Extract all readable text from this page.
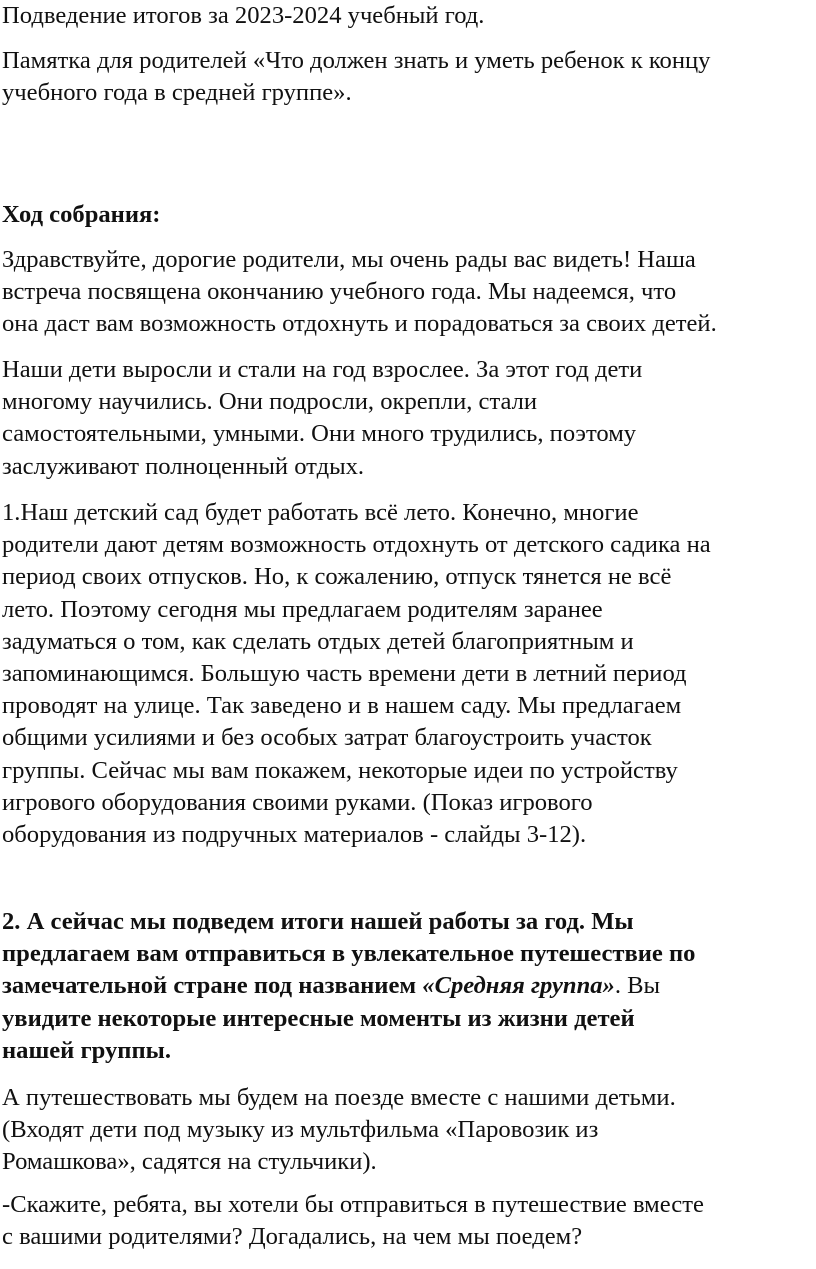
Подведение итогов за 2023-2024 учебный год.

Памятка для родителей «Что должен знать и уметь ребенок к концу
учебного года в средней группе».

Ход собрания:

Здравствуйте, дорогие родители, мы очень рады вас видеть! Наша
встреча посвящена окончанию учебного года. Мы надеемся, что
она даст вам возможность отдохнуть и порадоваться за своих детей.

Наши дети выросли и стали на год взрослее. За этот год дети
многому научились. Они подросли, окрепли, стали
самостоятельными, умными. Они много трудились, поэтому
заслуживают полноценный отдых.

1.Наш детский сад будет работать всё лето. Конечно, многие
родители дают детям возможность отдохнуть от детского садика на
период своих отпусков. Но, к сожалению, отпуск тянется не всё
лето. Поэтому сегодня мы предлагаем родителям заранее
задуматься о том, как сделать отдых детей благоприятным и
запоминающимся. Большую часть времени дети в летний период
проводят на улице. Так заведено и в нашем саду. Мы предлагаем
общими усилиями и без особых затрат благоустроить участок
группы. Сейчас мы вам покажем, некоторые идеи по устройству
игрового оборудования своими руками. (Показ игрового
оборудования из подручных материалов - слайды 3-12).

2. А сейчас мы подведем итоги нашей работы за год. Мы
предлагаем вам отправиться в увлекательное путешествие по
замечательной стране под названием «Средняя группа». Вы
увидите некоторые интересные моменты из жизни детей
нашей группы.

А путешествовать мы будем на поезде вместе с нашими детьми.
(Входят дети под музыку из мультфильма «Паровозик из
Ромашкова», садятся на стульчики).

-Скажите, ребята, вы хотели бы отправиться в путешествие вместе
с вашими родителями? Догадались, на чем мы поедем?
